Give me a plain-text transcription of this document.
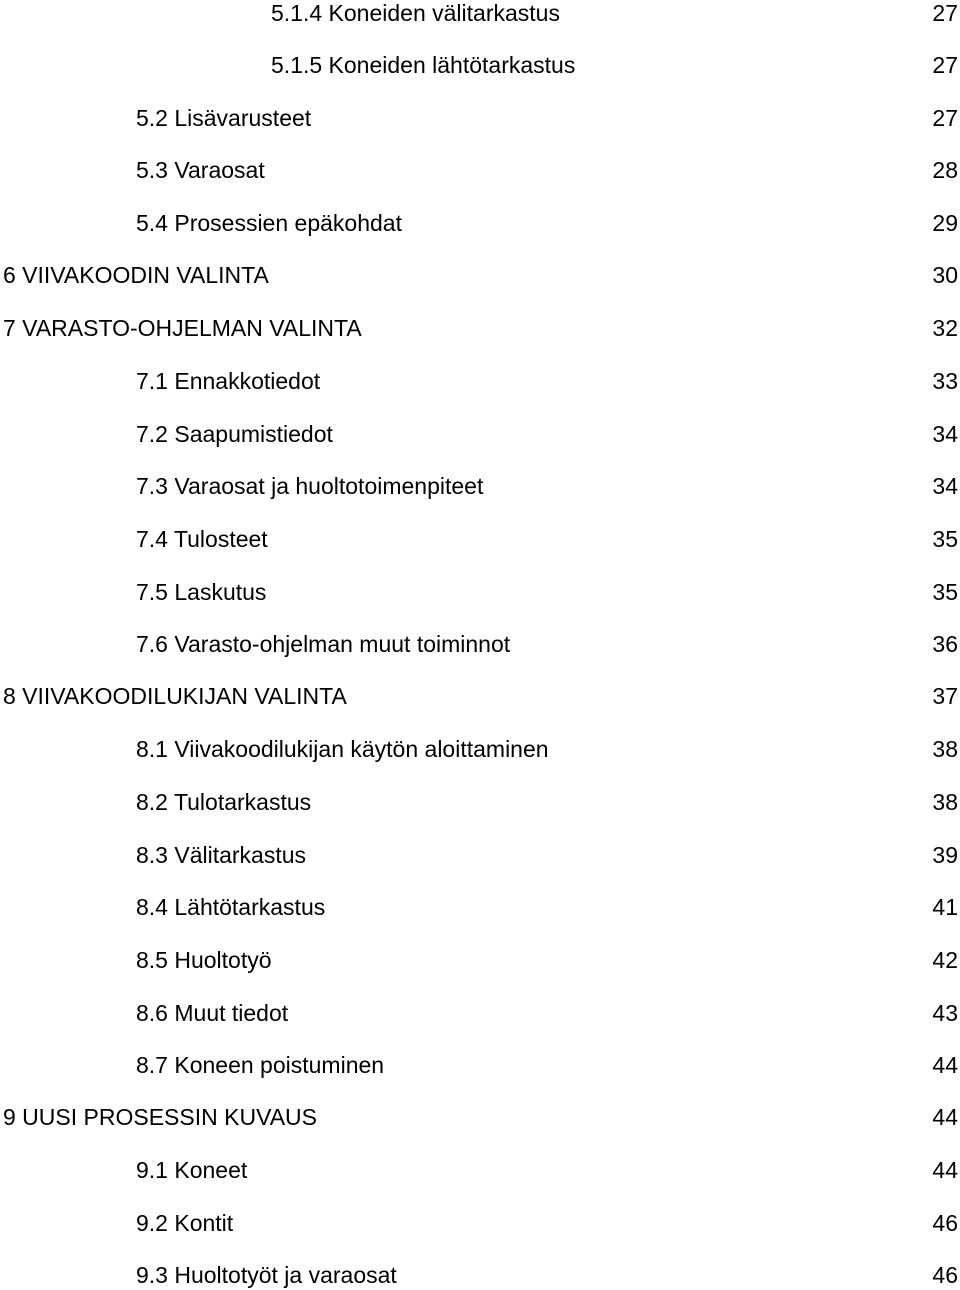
5.1.4 Koneiden välitarkastus	27
5.1.5 Koneiden lähtötarkastus	27
5.2 Lisävarusteet	27
5.3 Varaosat	28
5.4 Prosessien epäkohdat	29
6 VIIVAKOODIN VALINTA	30
7 VARASTO-OHJELMAN VALINTA	32
7.1 Ennakkotiedot	33
7.2 Saapumistiedot	34
7.3 Varaosat ja huoltotoimenpiteet	34
7.4 Tulosteet	35
7.5 Laskutus	35
7.6 Varasto-ohjelman muut toiminnot	36
8 VIIVAKOODILUKIJAN VALINTA	37
8.1 Viivakoodilukijan käytön aloittaminen	38
8.2 Tulotarkastus	38
8.3 Välitarkastus	39
8.4 Lähtötarkastus	41
8.5 Huoltotyö	42
8.6 Muut tiedot	43
8.7 Koneen poistuminen	44
9 UUSI PROSESSIN KUVAUS	44
9.1 Koneet	44
9.2 Kontit	46
9.3 Huoltotyöt ja varaosat	46
